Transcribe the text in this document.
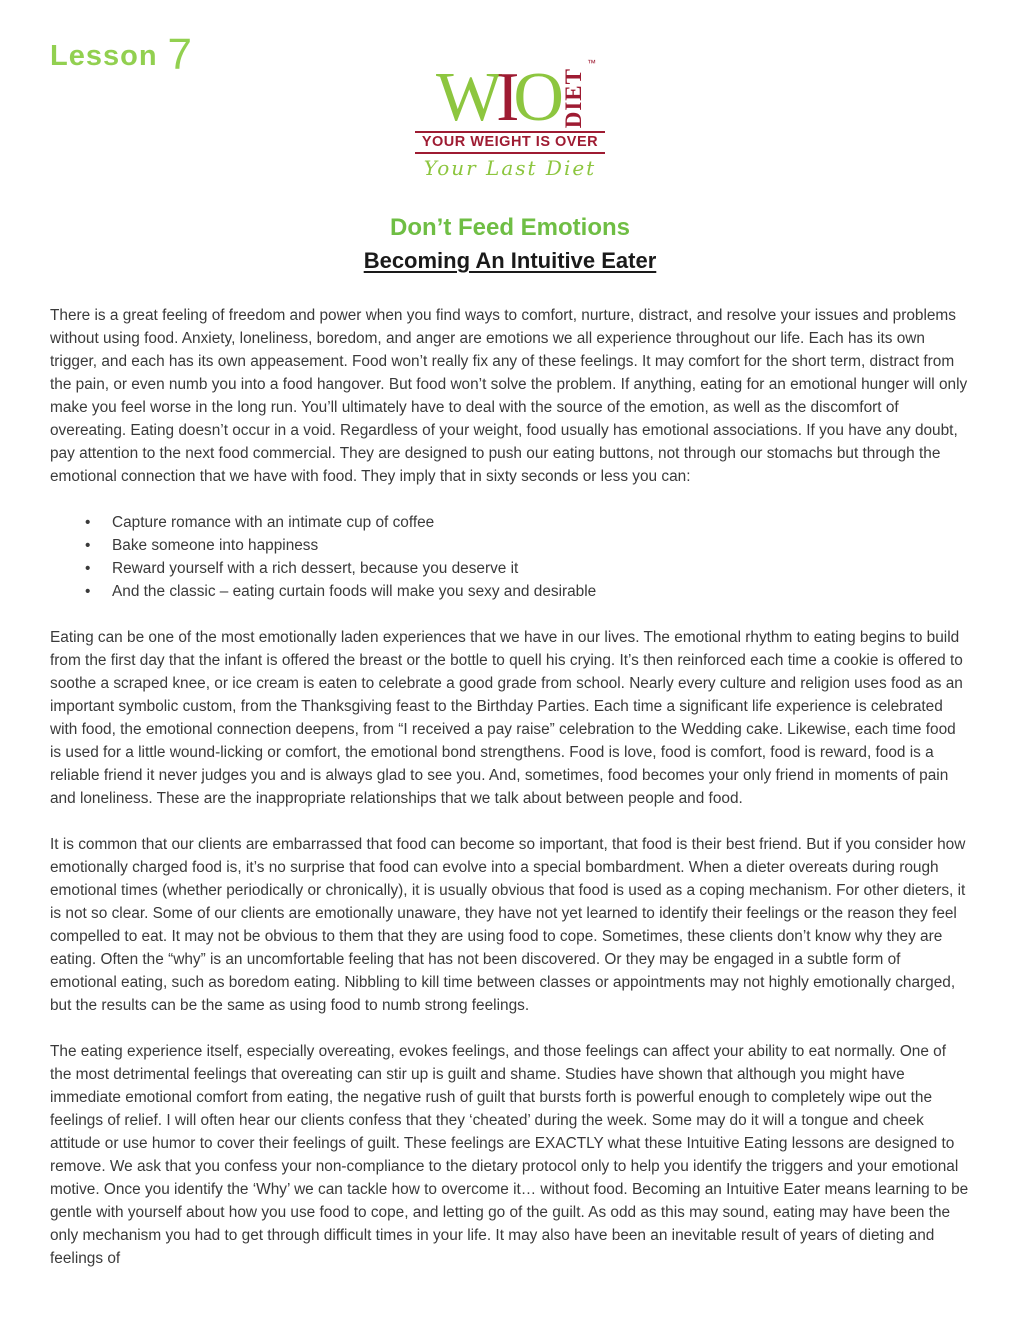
Lesson 7
WIO DIET
™
YOUR WEIGHT IS OVER
Your Last Diet
Don’t Feed Emotions
Becoming An Intuitive Eater

There is a great feeling of freedom and power when you find ways to comfort, nurture, distract, and resolve your issues and problems without using food. Anxiety, loneliness, boredom, and anger are emotions we all experience throughout our life. Each has its own trigger, and each has its own appeasement. Food won’t really fix any of these feelings. It may comfort for the short term, distract from the pain, or even numb you into a food hangover. But food won’t solve the problem. If anything, eating for an emotional hunger will only make you feel worse in the long run. You’ll ultimately have to deal with the source of the emotion, as well as the discomfort of overeating. Eating doesn’t occur in a void. Regardless of your weight, food usually has emotional associations. If you have any doubt, pay attention to the next food commercial. They are designed to push our eating buttons, not through our stomachs but through the emotional connection that we have with food. They imply that in sixty seconds or less you can:

• Capture romance with an intimate cup of coffee
• Bake someone into happiness
• Reward yourself with a rich dessert, because you deserve it
• And the classic – eating curtain foods will make you sexy and desirable

Eating can be one of the most emotionally laden experiences that we have in our lives. The emotional rhythm to eating begins to build from the first day that the infant is offered the breast or the bottle to quell his crying. It’s then reinforced each time a cookie is offered to soothe a scraped knee, or ice cream is eaten to celebrate a good grade from school. Nearly every culture and religion uses food as an important symbolic custom, from the Thanksgiving feast to the Birthday Parties. Each time a significant life experience is celebrated with food, the emotional connection deepens, from “I received a pay raise” celebration to the Wedding cake. Likewise, each time food is used for a little wound-licking or comfort, the emotional bond strengthens. Food is love, food is comfort, food is reward, food is a reliable friend it never judges you and is always glad to see you. And, sometimes, food becomes your only friend in moments of pain and loneliness. These are the inappropriate relationships that we talk about between people and food.

It is common that our clients are embarrassed that food can become so important, that food is their best friend. But if you consider how emotionally charged food is, it’s no surprise that food can evolve into a special bombardment. When a dieter overeats during rough emotional times (whether periodically or chronically), it is usually obvious that food is used as a coping mechanism. For other dieters, it is not so clear. Some of our clients are emotionally unaware, they have not yet learned to identify their feelings or the reason they feel compelled to eat. It may not be obvious to them that they are using food to cope. Sometimes, these clients don’t know why they are eating. Often the “why” is an uncomfortable feeling that has not been discovered. Or they may be engaged in a subtle form of emotional eating, such as boredom eating. Nibbling to kill time between classes or appointments may not highly emotionally charged, but the results can be the same as using food to numb strong feelings.

The eating experience itself, especially overeating, evokes feelings, and those feelings can affect your ability to eat normally. One of the most detrimental feelings that overeating can stir up is guilt and shame. Studies have shown that although you might have immediate emotional comfort from eating, the negative rush of guilt that bursts forth is powerful enough to completely wipe out the feelings of relief. I will often hear our clients confess that they ‘cheated’ during the week. Some may do it will a tongue and cheek attitude or use humor to cover their feelings of guilt. These feelings are EXACTLY what these Intuitive Eating lessons are designed to remove. We ask that you confess your non-compliance to the dietary protocol only to help you identify the triggers and your emotional motive. Once you identify the ‘Why’ we can tackle how to overcome it… without food. Becoming an Intuitive Eater means learning to be gentle with yourself about how you use food to cope, and letting go of the guilt. As odd as this may sound, eating may have been the only mechanism you had to get through difficult times in your life. It may also have been an inevitable result of years of dieting and feelings of
